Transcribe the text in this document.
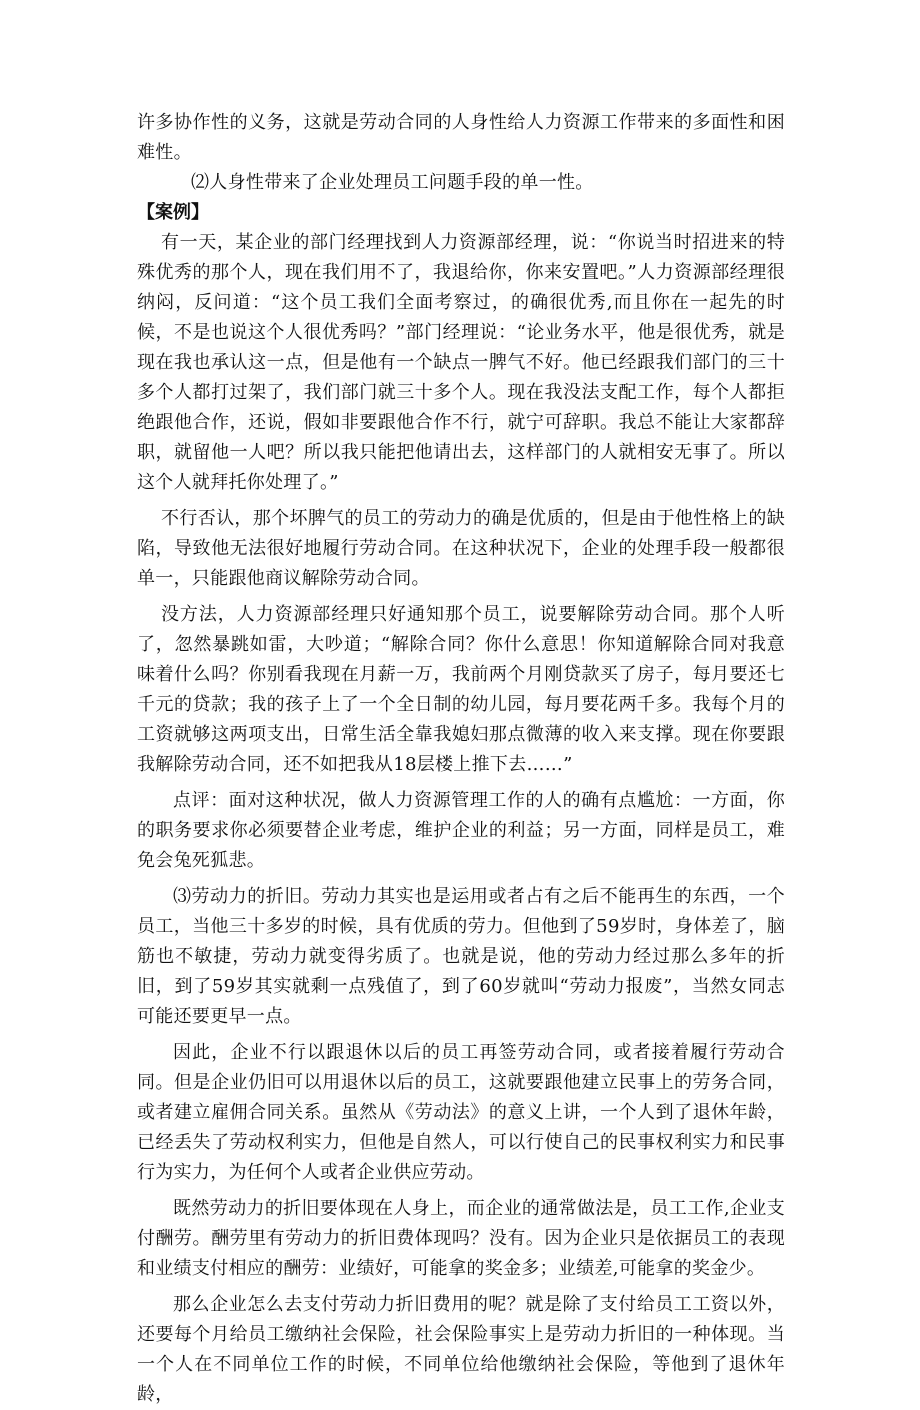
许多协作性的义务，这就是劳动合同的人身性给人力资源工作带来的多面性和困难性。

⑵人身性带来了企业处理员工问题手段的单一性。

【案例】

有一天，某企业的部门经理找到人力资源部经理，说：“你说当时招进来的特殊优秀的那个人，现在我们用不了，我退给你，你来安置吧。”人力资源部经理很纳闷，反问道：“这个员工我们全面考察过，的确很优秀,而且你在一起先的时候，不是也说这个人很优秀吗？”部门经理说：“论业务水平，他是很优秀，就是现在我也承认这一点，但是他有一个缺点一脾气不好。他已经跟我们部门的三十多个人都打过架了，我们部门就三十多个人。现在我没法支配工作，每个人都拒绝跟他合作，还说，假如非要跟他合作不行，就宁可辞职。我总不能让大家都辞职，就留他一人吧？所以我只能把他请出去，这样部门的人就相安无事了。所以这个人就拜托你处理了。”

不行否认，那个坏脾气的员工的劳动力的确是优质的，但是由于他性格上的缺陷，导致他无法很好地履行劳动合同。在这种状况下，企业的处理手段一般都很单一，只能跟他商议解除劳动合同。

没方法，人力资源部经理只好通知那个员工，说要解除劳动合同。那个人听了，忽然暴跳如雷，大吵道；“解除合同？你什么意思！你知道解除合同对我意味着什么吗？你别看我现在月薪一万，我前两个月刚贷款买了房子，每月要还七千元的贷款；我的孩子上了一个全日制的幼儿园，每月要花两千多。我每个月的工资就够这两项支出，日常生活全靠我媳妇那点微薄的收入来支撑。现在你要跟我解除劳动合同，还不如把我从18层楼上推下去……”

点评：面对这种状况，做人力资源管理工作的人的确有点尴尬：一方面，你的职务要求你必须要替企业考虑，维护企业的利益；另一方面，同样是员工，难免会兔死狐悲。

⑶劳动力的折旧。劳动力其实也是运用或者占有之后不能再生的东西，一个员工，当他三十多岁的时候，具有优质的劳力。但他到了59岁时，身体差了，脑筋也不敏捷，劳动力就变得劣质了。也就是说，他的劳动力经过那么多年的折旧，到了59岁其实就剩一点残值了，到了60岁就叫“劳动力报废”，当然女同志可能还要更早一点。

因此，企业不行以跟退休以后的员工再签劳动合同，或者接着履行劳动合同。但是企业仍旧可以用退休以后的员工，这就要跟他建立民事上的劳务合同，或者建立雇佣合同关系。虽然从《劳动法》的意义上讲，一个人到了退休年龄，已经丢失了劳动权利实力，但他是自然人，可以行使自己的民事权利实力和民事行为实力，为任何个人或者企业供应劳动。

既然劳动力的折旧要体现在人身上，而企业的通常做法是，员工工作,企业支付酬劳。酬劳里有劳动力的折旧费体现吗？没有。因为企业只是依据员工的表现和业绩支付相应的酬劳：业绩好，可能拿的奖金多；业绩差,可能拿的奖金少。

那么企业怎么去支付劳动力折旧费用的呢？就是除了支付给员工工资以外，还要每个月给员工缴纳社会保险，社会保险事实上是劳动力折旧的一种体现。当一个人在不同单位工作的时候，不同单位给他缴纳社会保险，等他到了退休年龄，
